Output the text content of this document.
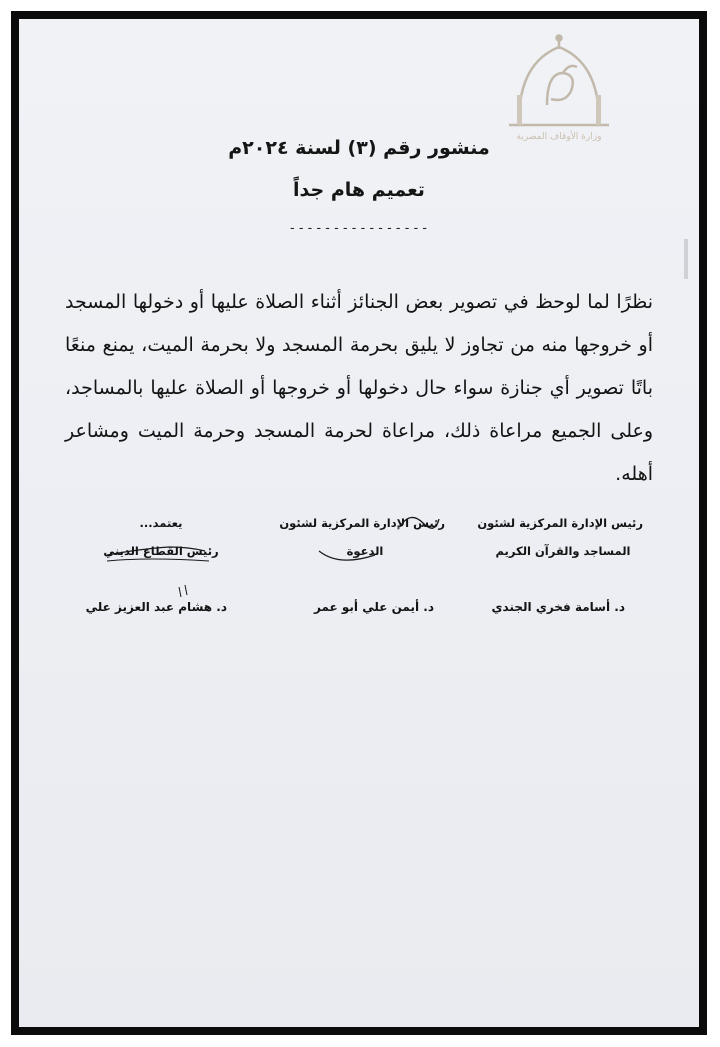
وزارة الأوقاف المصرية
منشور رقم (٣) لسنة ٢٠٢٤م
تعميم هام جداً
----------------
نظرًا لما لوحظ في تصوير بعض الجنائز أثناء الصلاة عليها أو دخولها المسجد أو خروجها منه من تجاوز لا يليق بحرمة المسجد ولا بحرمة الميت، يمنع منعًا باتًا تصوير أي جنازة سواء حال دخولها أو خروجها أو الصلاة عليها بالمساجد، وعلى الجميع مراعاة ذلك، مراعاة لحرمة المسجد وحرمة الميت ومشاعر أهله.
رئيس الإدارة المركزية لشئون
المساجد والقرآن الكريم
د. أسامة فخري الجندي
رئيس الإدارة المركزية لشئون
الدعوة
د. أيمن علي أبو عمر
يعتمد...
رئيس القطاع الديني
د. هشام عبد العزيز علي
